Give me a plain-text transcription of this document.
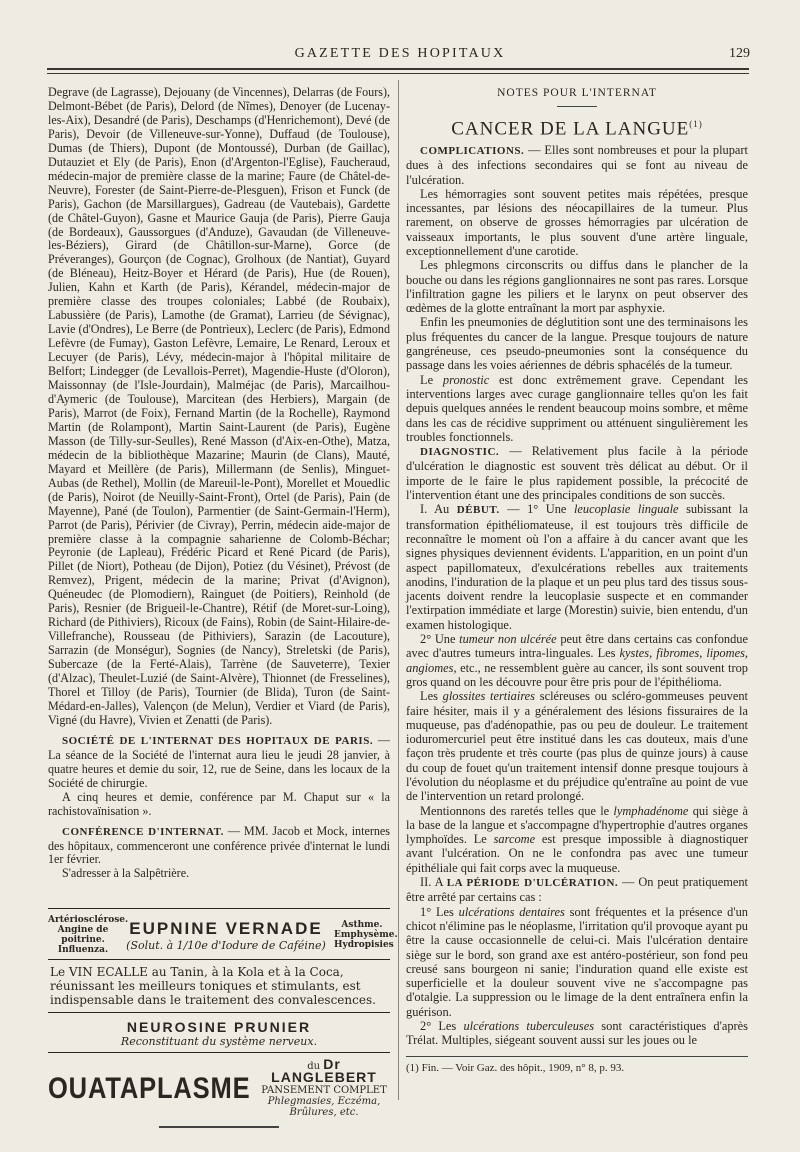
GAZETTE DES HOPITAUX	129

Degrave (de Lagrasse), Dejouany (de Vincennes), Delarras (de Fours), Delmont-Bébet (de Paris), Delord (de Nîmes), Denoyer (de Lucenay-les-Aix), Desandré (de Paris), Deschamps (d'Henrichemont), Devé (de Paris), Devoir (de Villeneuve-sur-Yonne), Duffaud (de Toulouse), Dumas (de Thiers), Dupont (de Montoussé), Durban (de Gaillac), Dutauziet et Ely (de Paris), Enon (d'Argenton-l'Eglise), Faucheraud, médecin-major de première classe de la marine; Faure (de Châtel-de-Neuvre), Forester (de Saint-Pierre-de-Plesguen), Frison et Funck (de Paris), Gachon (de Marsillargues), Gadreau (de Vautebais), Gardette (de Châtel-Guyon), Gasne et Maurice Gauja (de Paris), Pierre Gauja (de Bordeaux), Gaussorgues (d'Anduze), Gavaudan (de Villeneuve-les-Béziers), Girard (de Châtillon-sur-Marne), Gorce (de Préveranges), Gourçon (de Cognac), Grolhoux (de Nantiat), Guyard (de Bléneau), Heitz-Boyer et Hérard (de Paris), Hue (de Rouen), Julien, Kahn et Karth (de Paris), Kérandel, médecin-major de première classe des troupes coloniales; Labbé (de Roubaix), Labussière (de Paris), Lamothe (de Gramat), Larrieu (de Sévignac), Lavie (d'Ondres), Le Berre (de Pontrieux), Leclerc (de Paris), Edmond Lefèvre (de Fumay), Gaston Lefèvre, Lemaire, Le Renard, Leroux et Lecuyer (de Paris), Lévy, médecin-major à l'hôpital militaire de Belfort; Lindegger (de Levallois-Perret), Magendie-Huste (d'Oloron), Maissonnay (de l'Isle-Jourdain), Malméjac (de Paris), Marcailhou-d'Aymeric (de Toulouse), Marcitean (des Herbiers), Margain (de Paris), Marrot (de Foix), Fernand Martin (de la Rochelle), Raymond Martin (de Rolampont), Martin Saint-Laurent (de Paris), Eugène Masson (de Tilly-sur-Seulles), René Masson (d'Aix-en-Othe), Matza, médecin de la bibliothèque Mazarine; Maurin (de Clans), Mauté, Mayard et Meillère (de Paris), Millermann (de Senlis), Minguet-Aubas (de Rethel), Mollin (de Mareuil-le-Pont), Morellet et Mouedlic (de Paris), Noirot (de Neuilly-Saint-Front), Ortel (de Paris), Pain (de Mayenne), Pané (de Toulon), Parmentier (de Saint-Germain-l'Herm), Parrot (de Paris), Périvier (de Civray), Perrin, médecin aide-major de première classe à la compagnie saharienne de Colomb-Béchar; Peyronie (de Lapleau), Frédéric Picard et René Picard (de Paris), Pillet (de Niort), Potheau (de Dijon), Potiez (du Vésinet), Prévost (de Remvez), Prigent, médecin de la marine; Privat (d'Avignon), Quéneudec (de Plomodiern), Rainguet (de Poitiers), Reinhold (de Paris), Resnier (de Brigueil-le-Chantre), Rétif (de Moret-sur-Loing), Richard (de Pithiviers), Ricoux (de Fains), Robin (de Saint-Hilaire-de-Villefranche), Rousseau (de Pithiviers), Sarazin (de Lacouture), Sarrazin (de Monségur), Sognies (de Nancy), Streletski (de Paris), Subercaze (de la Ferté-Alais), Tarrène (de Sauveterre), Texier (d'Alzac), Theulet-Luzié (de Saint-Alvère), Thionnet (de Fresselines), Thorel et Tilloy (de Paris), Tournier (de Blida), Turon (de Saint-Médard-en-Jalles), Valençon (de Melun), Verdier et Viard (de Paris), Vigné (du Havre), Vivien et Zenatti (de Paris).

SOCIÉTÉ DE L'INTERNAT DES HOPITAUX DE PARIS. — La séance de la Société de l'internat aura lieu le jeudi 28 janvier, à quatre heures et demie du soir, 12, rue de Seine, dans les locaux de la Société de chirurgie.

A cinq heures et demie, conférence par M. Chaput sur « la rachistovaïnisation ».

CONFÉRENCE D'INTERNAT. — MM. Jacob et Mock, internes des hôpitaux, commenceront une conférence privée d'internat le lundi 1er février.

S'adresser à la Salpêtrière.

Artériosclérose. Angine de poitrine. Influenza.
EUPNINE VERNADE
(Solut. à 1/10e d'Iodure de Caféine)
Asthme. Emphysème. Hydropisies
Le VIN ECALLE au Tanin, à la Kola et à la Coca, réunissant les meilleurs toniques et stimulants, est indispensable dans le traitement des convalescences.
NEUROSINE PRUNIER
Reconstituant du système nerveux.
OUATAPLASME
du Dr LANGLEBERT
PANSEMENT COMPLET
Phlegmasies, Eczéma, Brûlures, etc.

NOTES POUR L'INTERNAT

CANCER DE LA LANGUE$^{(1)}$

COMPLICATIONS. — Elles sont nombreuses et pour la plupart dues à des infections secondaires qui se font au niveau de l'ulcération.

Les hémorragies sont souvent petites mais répétées, presque incessantes, par lésions des néocapillaires de la tumeur. Plus rarement, on observe de grosses hémorragies par ulcération de vaisseaux importants, le plus souvent d'une artère linguale, exceptionnellement d'une carotide.

Les phlegmons circonscrits ou diffus dans le plancher de la bouche ou dans les régions ganglionnaires ne sont pas rares. Lorsque l'infiltration gagne les piliers et le larynx on peut observer des œdèmes de la glotte entraînant la mort par asphyxie.

Enfin les pneumonies de déglutition sont une des terminaisons les plus fréquentes du cancer de la langue. Presque toujours de nature gangréneuse, ces pseudo-pneumonies sont la conséquence du passage dans les voies aériennes de débris sphacélés de la tumeur.

Le pronostic est donc extrêmement grave. Cependant les interventions larges avec curage ganglionnaire telles qu'on les fait depuis quelques années le rendent beaucoup moins sombre, et même dans les cas de récidive suppriment ou atténuent singulièrement les troubles fonctionnels.

DIAGNOSTIC. — Relativement plus facile à la période d'ulcération le diagnostic est souvent très délicat au début. Or il importe de le faire le plus rapidement possible, la précocité de l'intervention étant une des principales conditions de son succès.

I. Au DÉBUT. — 1° Une leucoplasie linguale subissant la transformation épithéliomateuse, il est toujours très difficile de reconnaître le moment où l'on a affaire à du cancer avant que les signes physiques deviennent évidents. L'apparition, en un point d'un aspect papillomateux, d'exulcérations rebelles aux traitements anodins, l'induration de la plaque et un peu plus tard des tissus sous-jacents doivent rendre la leucoplasie suspecte et en commander l'extirpation immédiate et large (Morestin) suivie, bien entendu, d'un examen histologique.

2° Une tumeur non ulcérée peut être dans certains cas confondue avec d'autres tumeurs intra-linguales. Les kystes, fibromes, lipomes, angiomes, etc., ne ressemblent guère au cancer, ils sont souvent trop gros quand on les découvre pour être pris pour de l'épithélioma.

Les glossites tertiaires scléreuses ou scléro-gommeuses peuvent faire hésiter, mais il y a généralement des lésions fissuraires de la muqueuse, pas d'adénopathie, pas ou peu de douleur. Le traitement ioduromercuriel peut être institué dans les cas douteux, mais d'une façon très prudente et très courte (pas plus de quinze jours) à cause du coup de fouet qu'un traitement intensif donne presque toujours à l'évolution du néoplasme et du préjudice qu'entraîne au point de vue de l'intervention un retard prolongé.

Mentionnons des raretés telles que le lymphadénome qui siège à la base de la langue et s'accompagne d'hypertrophie d'autres organes lymphoïdes. Le sarcome est presque impossible à diagnostiquer avant l'ulcération. On ne le confondra pas avec une tumeur épithéliale qui fait corps avec la muqueuse.

II. A LA PÉRIODE D'ULCÉRATION. — On peut pratiquement être arrêté par certains cas :

1° Les ulcérations dentaires sont fréquentes et la présence d'un chicot n'élimine pas le néoplasme, l'irritation qu'il provoque ayant pu être la cause occasionnelle de celui-ci. Mais l'ulcération dentaire siège sur le bord, son grand axe est antéro-postérieur, son fond peu creusé sans bourgeon ni sanie; l'induration quand elle existe est superficielle et la douleur souvent vive ne s'accompagne pas d'otalgie. La suppression ou le limage de la dent entraînera enfin la guérison.

2° Les ulcérations tuberculeuses sont caractéristiques d'après Trélat. Multiples, siégeant souvent aussi sur les joues ou le

(1) Fin. — Voir Gaz. des hôpit., 1909, n° 8, p. 93.
